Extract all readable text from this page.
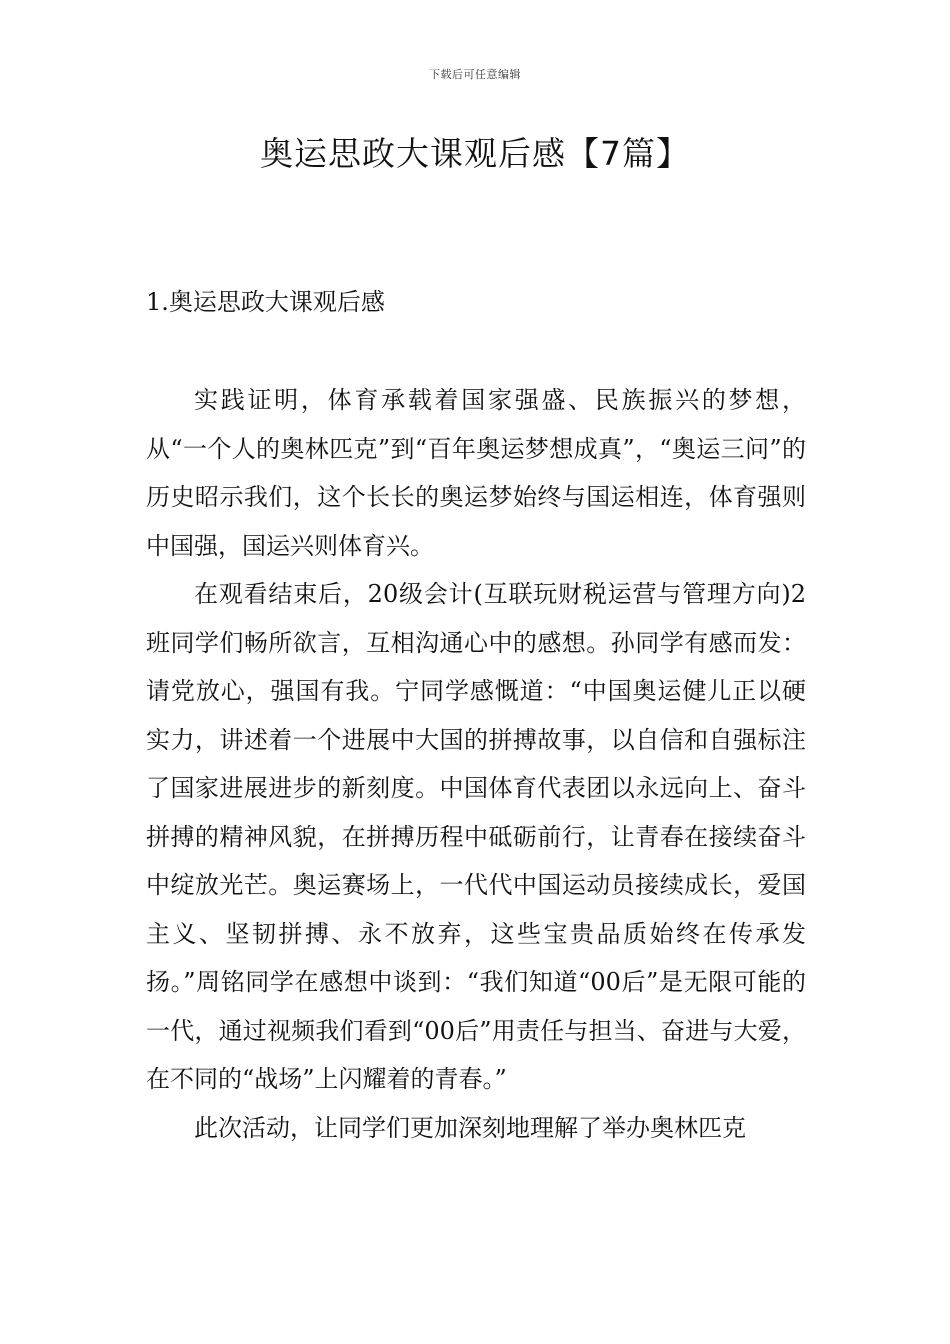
下载后可任意编辑
奥运思政大课观后感【7篇】
1.奥运思政大课观后感

实践证明，体育承载着国家强盛、民族振兴的梦想，从“一个人的奥林匹克”到“百年奥运梦想成真”，“奥运三问”的历史昭示我们，这个长长的奥运梦始终与国运相连，体育强则中国强，国运兴则体育兴。

在观看结束后，20级会计(互联玩财税运营与管理方向)2班同学们畅所欲言，互相沟通心中的感想。孙同学有感而发：请党放心，强国有我。宁同学感慨道：“中国奥运健儿正以硬实力，讲述着一个进展中大国的拼搏故事，以自信和自强标注了国家进展进步的新刻度。中国体育代表团以永远向上、奋斗拼搏的精神风貌，在拼搏历程中砥砺前行，让青春在接续奋斗中绽放光芒。奥运赛场上，一代代中国运动员接续成长，爱国主义、坚韧拼搏、永不放弃，这些宝贵品质始终在传承发扬。”周铭同学在感想中谈到：“我们知道“00后”是无限可能的一代，通过视频我们看到“00后”用责任与担当、奋进与大爱，在不同的“战场”上闪耀着的青春。”

此次活动，让同学们更加深刻地理解了举办奥林匹克
